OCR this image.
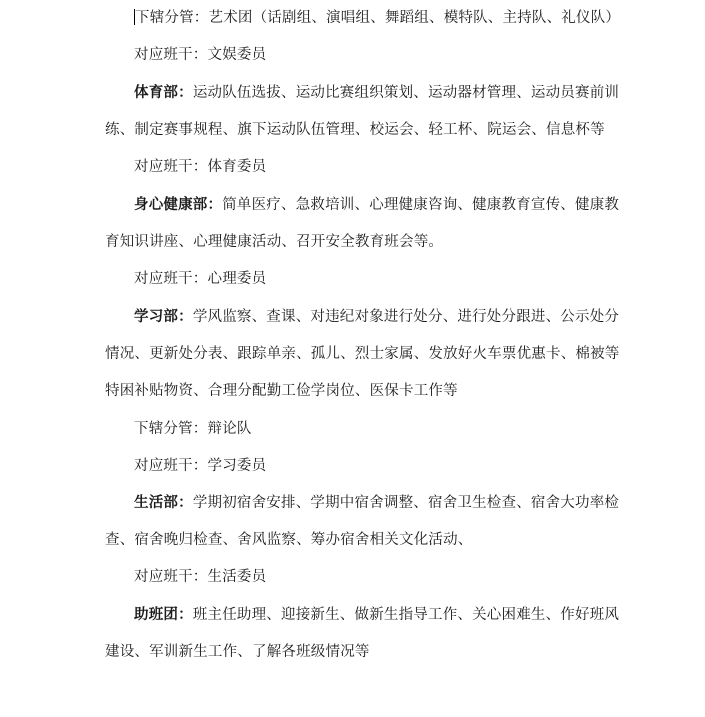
下辖分管：艺术团（话剧组、演唱组、舞蹈组、模特队、主持队、礼仪队）
对应班干：文娱委员
体育部：运动队伍选拔、运动比赛组织策划、运动器材管理、运动员赛前训
练、制定赛事规程、旗下运动队伍管理、校运会、轻工杯、院运会、信息杯等
对应班干：体育委员
身心健康部：简单医疗、急救培训、心理健康咨询、健康教育宣传、健康教
育知识讲座、心理健康活动、召开安全教育班会等。
对应班干：心理委员
学习部：学风监察、查课、对违纪对象进行处分、进行处分跟进、公示处分
情况、更新处分表、跟踪单亲、孤儿、烈士家属、发放好火车票优惠卡、棉被等
特困补贴物资、合理分配勤工俭学岗位、医保卡工作等
下辖分管：辩论队
对应班干：学习委员
生活部：学期初宿舍安排、学期中宿舍调整、宿舍卫生检查、宿舍大功率检
查、宿舍晚归检查、舍风监察、筹办宿舍相关文化活动、
对应班干：生活委员
助班团：班主任助理、迎接新生、做新生指导工作、关心困难生、作好班风
建设、军训新生工作、了解各班级情况等
